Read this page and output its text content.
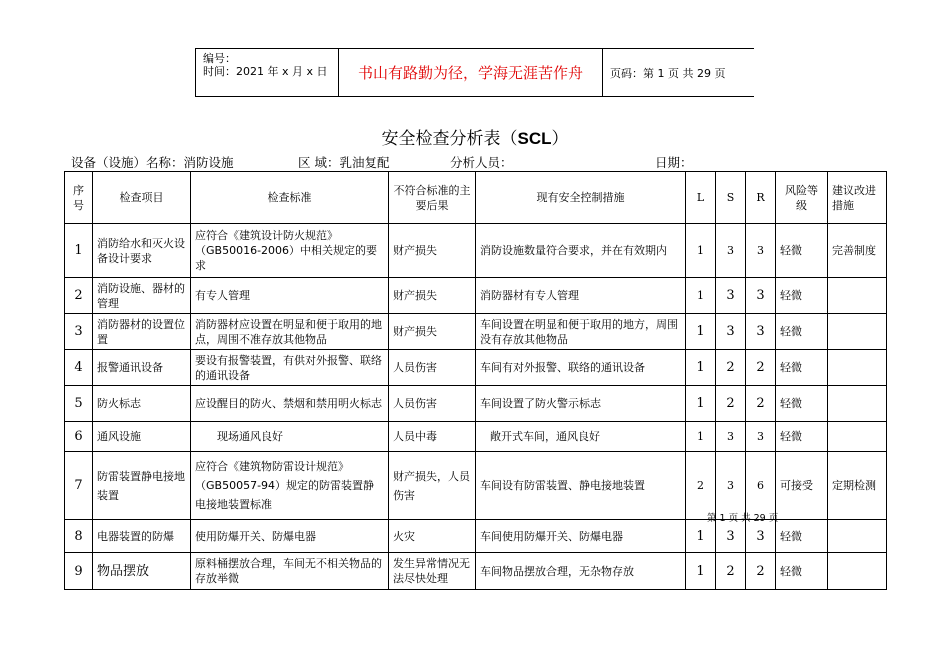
编号：
时间：2021 年 x 月 x 日	书山有路勤为径，学海无涯苦作舟	页码：第 1 页 共 29 页
安全检查分析表（SCL）
设备（设施）名称：消防设施	区 域：乳油复配	分析人员：	日期：
序号	检查项目	检查标准	不符合标准的主要后果	现有安全控制措施	L	S	R	风险等级	建议改进措施
1	消防给水和灭火设备设计要求	应符合《建筑设计防火规范》（GB50016-2006）中相关规定的要求	财产损失	消防设施数量符合要求，并在有效期内	1	3	3	轻微	完善制度
2	消防设施、器材的管理	有专人管理	财产损失	消防器材有专人管理	1	3	3	轻微	
3	消防器材的设置位置	消防器材应设置在明显和便于取用的地点，周围不准存放其他物品	财产损失	车间设置在明显和便于取用的地方，周围没有存放其他物品	1	3	3	轻微	
4	报警通讯设备	要设有报警装置，有供对外报警、联络的通讯设备	人员伤害	车间有对外报警、联络的通讯设备	1	2	2	轻微	
5	防火标志	应设醒目的防火、禁烟和禁用明火标志	人员伤害	车间设置了防火警示标志	1	2	2	轻微	
6	通风设施	现场通风良好	人员中毒	敞开式车间，通风良好	1	3	3	轻微	
7	防雷装置静电接地装置	应符合《建筑物防雷设计规范》（GB50057-94）规定的防雷装置静电接地装置标准	财产损失，人员伤害	车间设有防雷装置、静电接地装置	2	3	6	可接受	定期检测
8	电器装置的防爆	使用防爆开关、防爆电器	火灾	车间使用防爆开关、防爆电器	1	3	3	轻微	
9	物品摆放	原料桶摆放合理，车间无不相关物品的存放举微	发生异常情况无法尽快处理	车间物品摆放合理，无杂物存放	1	2	2	轻微	
第 1 页 共 29 页
